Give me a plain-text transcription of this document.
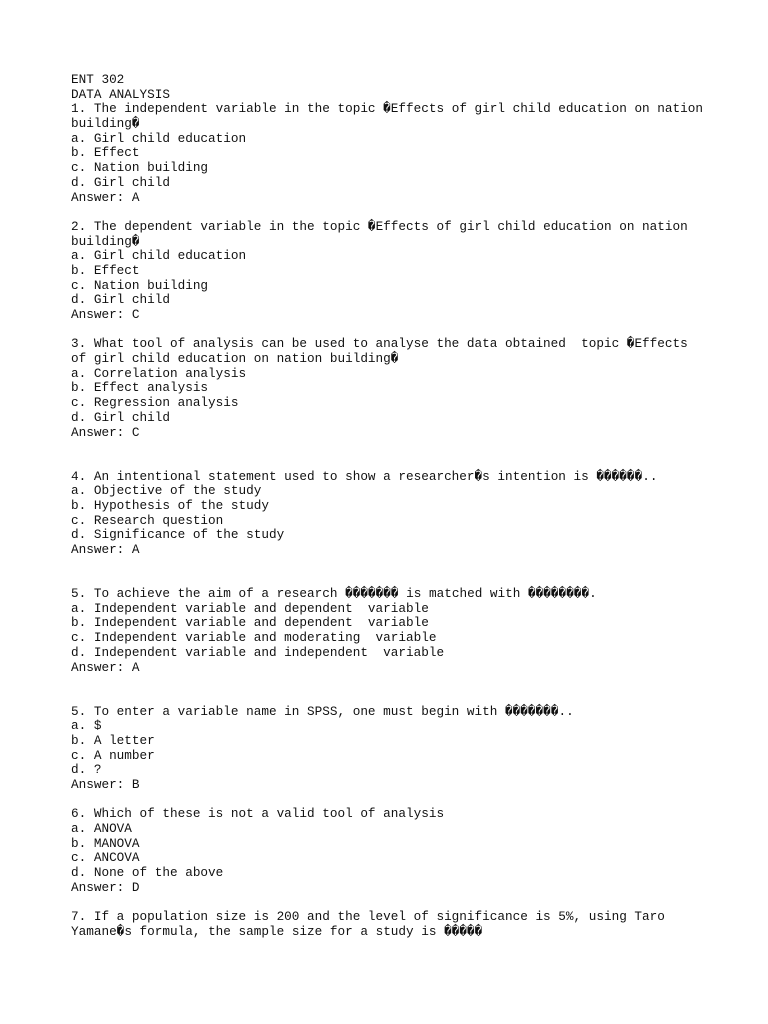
ENT 302
DATA ANALYSIS
1. The independent variable in the topic �Effects of girl child education on nation
building�
a. Girl child education
b. Effect
c. Nation building
d. Girl child
Answer: A
2. The dependent variable in the topic �Effects of girl child education on nation
building�
a. Girl child education
b. Effect
c. Nation building
d. Girl child
Answer: C
3. What tool of analysis can be used to analyse the data obtained  topic �Effects
of girl child education on nation building�
a. Correlation analysis
b. Effect analysis
c. Regression analysis
d. Girl child
Answer: C
4. An intentional statement used to show a researcher�s intention is ������..
a. Objective of the study
b. Hypothesis of the study
c. Research question
d. Significance of the study
Answer: A
5. To achieve the aim of a research ������� is matched with ��������.
a. Independent variable and dependent  variable
b. Independent variable and dependent  variable
c. Independent variable and moderating  variable
d. Independent variable and independent  variable
Answer: A
5. To enter a variable name in SPSS, one must begin with �������..
a. $
b. A letter
c. A number
d. ?
Answer: B
6. Which of these is not a valid tool of analysis
a. ANOVA
b. MANOVA
c. ANCOVA
d. None of the above
Answer: D
7. If a population size is 200 and the level of significance is 5%, using Taro
Yamane�s formula, the sample size for a study is �����
